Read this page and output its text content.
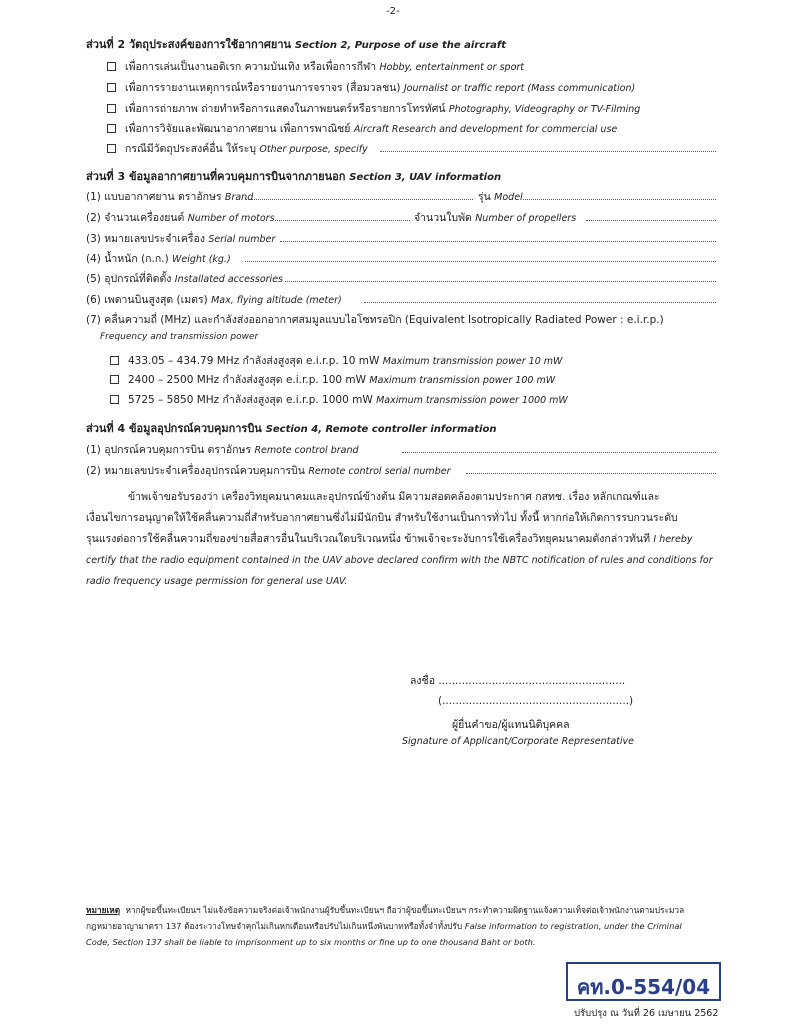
-2-
ส่วนที่ 2 วัตถุประสงค์ของการใช้อากาศยาน Section 2, Purpose of use the aircraft
เพื่อการเล่นเป็นงานอดิเรก ความบันเทิง หรือเพื่อการกีฬา Hobby, entertainment or sport
เพื่อการรายงานเหตุการณ์หรือรายงานการจราจร (สื่อมวลชน) Journalist or traffic report (Mass communication)
เพื่อการถ่ายภาพ ถ่ายทำหรือการแสดงในภาพยนตร์หรือรายการโทรทัศน์ Photography, Videography or TV-Filming
เพื่อการวิจัยและพัฒนาอากาศยาน เพื่อการพาณิชย์ Aircraft Research and development for commercial use
กรณีมีวัตถุประสงค์อื่น ให้ระบุ Other purpose, specify
ส่วนที่ 3 ข้อมูลอากาศยานที่ควบคุมการบินจากภายนอก Section 3, UAV information
(1) แบบอากาศยาน ตราอักษร Brand	รุ่น Model
(2) จำนวนเครื่องยนต์ Number of motors	จำนวนใบพัด Number of propellers
(3) หมายเลขประจำเครื่อง Serial number
(4) น้ำหนัก (ก.ก.) Weight (kg.)
(5) อุปกรณ์ที่ติดตั้ง Installated accessories
(6) เพดานบินสูงสุด (เมตร) Max, flying altitude (meter)
(7) คลื่นความถี่ (MHz) และกำลังส่งออกอากาศสมมูลแบบไอโซทรอปิก (Equivalent Isotropically Radiated Power : e.i.r.p.)
Frequency and transmission power
433.05 – 434.79 MHz กำลังส่งสูงสุด e.i.r.p. 10 mW Maximum transmission power 10 mW
2400 – 2500 MHz กำลังส่งสูงสุด e.i.r.p. 100 mW Maximum transmission power 100 mW
5725 – 5850 MHz กำลังส่งสูงสุด e.i.r.p. 1000 mW Maximum transmission power 1000 mW
ส่วนที่ 4 ข้อมูลอุปกรณ์ควบคุมการบิน Section 4, Remote controller information
(1) อุปกรณ์ควบคุมการบิน ตราอักษร Remote control brand
(2) หมายเลขประจำเครื่องอุปกรณ์ควบคุมการบิน Remote control serial number
ข้าพเจ้าขอรับรองว่า เครื่องวิทยุคมนาคมและอุปกรณ์ข้างต้น มีความสอดคล้องตามประกาศ กสทช. เรื่อง หลักเกณฑ์และ
เงื่อนไขการอนุญาตให้ใช้คลื่นความถี่สำหรับอากาศยานซึ่งไม่มีนักบิน สำหรับใช้งานเป็นการทั่วไป ทั้งนี้ หากก่อให้เกิดการรบกวนระดับ
รุนแรงต่อการใช้คลื่นความถี่ของข่ายสื่อสารอื่นในบริเวณใดบริเวณหนึ่ง ข้าพเจ้าจะระงับการใช้เครื่องวิทยุคมนาคมดังกล่าวทันที I hereby
certify that the radio equipment contained in the UAV above declared confirm with the NBTC notification of rules and conditions for
radio frequency usage permission for general use UAV.
ลงชื่อ ........................................................
(........................................................)
ผู้ยื่นคำขอ/ผู้แทนนิติบุคคล
Signature of Applicant/Corporate Representative
หมายเหตุ หากผู้ขอขึ้นทะเบียนฯ ไม่แจ้งข้อความจริงต่อเจ้าพนักงานผู้รับขึ้นทะเบียนฯ ถือว่าผู้ขอขึ้นทะเบียนฯ กระทำความผิดฐานแจ้งความเท็จต่อเจ้าพนักงานตามประมวล
กฎหมายอาญามาตรา 137 ต้องระวางโทษจำคุกไม่เกินหกเดือนหรือปรับไม่เกินหนึ่งพันบาทหรือทั้งจำทั้งปรับ False information to registration, under the Criminal
Code, Section 137 shall be liable to imprisonment up to six months or fine up to one thousand Baht or both.
คท.0-554/04
ปรับปรุง ณ วันที่ 26 เมษายน 2562
